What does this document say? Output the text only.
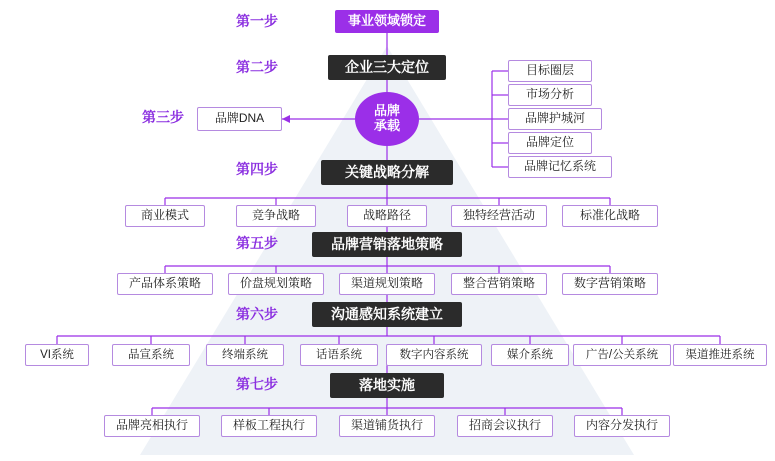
第一步
第二步
第三步
第四步
第五步
第六步
第七步
事业领域锁定
企业三大定位
品牌
承载
品牌DNA
关键战略分解
品牌营销落地策略
沟通感知系统建立
落地实施
目标圈层
市场分析
品牌护城河
品牌定位
品牌记忆系统
商业模式	竞争战略	战略路径	独特经营活动	标准化战略
产品体系策略	价盘规划策略	渠道规划策略	整合营销策略	数字营销策略
VI系统	品宣系统	终端系统	话语系统	数字内容系统	媒介系统	广告/公关系统	渠道推进系统
品牌亮相执行	样板工程执行	渠道铺货执行	招商会议执行	内容分发执行
